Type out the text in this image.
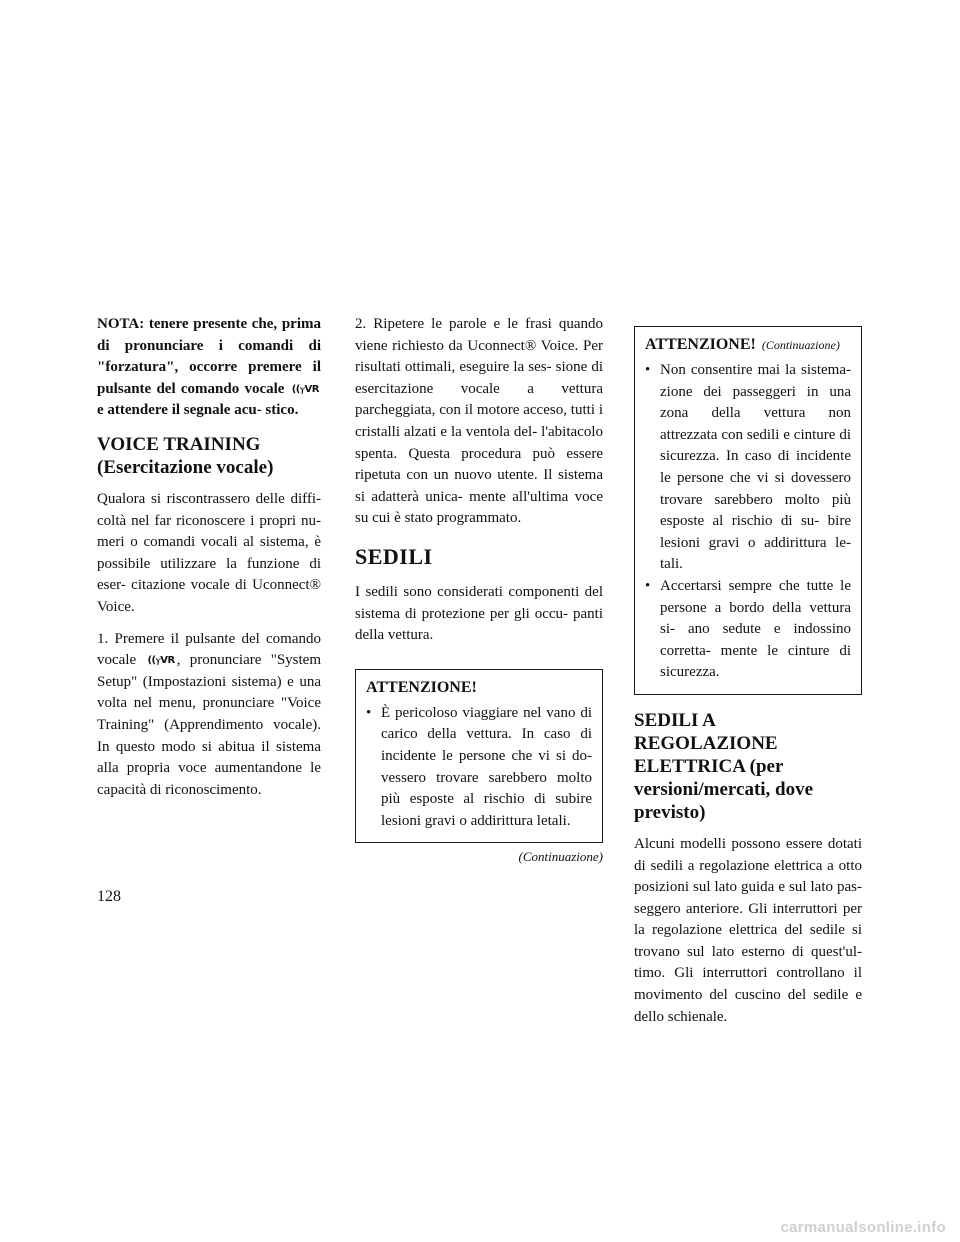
NOTA: tenere presente che, prima di pronunciare i comandi di "forzatura", occorre premere il pulsante del comando vocale ((ⲩVR e attendere il segnale acu- stico.

VOICE TRAINING
(Esercitazione vocale)

Qualora si riscontrassero delle diffi- coltà nel far riconoscere i propri nu- meri o comandi vocali al sistema, è possibile utilizzare la funzione di eser- citazione vocale di Uconnect® Voice.

1. Premere il pulsante del comando vocale ((ⲩVR , pronunciare "System Setup" (Impostazioni sistema) e una volta nel menu, pronunciare "Voice Training" (Apprendimento vocale). In questo modo si abitua il sistema alla propria voce aumentandone le capacità di riconoscimento.

2. Ripetere le parole e le frasi quando viene richiesto da Uconnect® Voice. Per risultati ottimali, eseguire la ses- sione di esercitazione vocale a vettura parcheggiata, con il motore acceso, tutti i cristalli alzati e la ventola del- l'abitacolo spenta. Questa procedura può essere ripetuta con un nuovo utente. Il sistema si adatterà unica- mente all'ultima voce su cui è stato programmato.

SEDILI

I sedili sono considerati componenti del sistema di protezione per gli occu- panti della vettura.

ATTENZIONE!
• È pericoloso viaggiare nel vano di carico della vettura. In caso di incidente le persone che vi si do- vessero trovare sarebbero molto più esposte al rischio di subire lesioni gravi o addirittura letali.
(Continuazione)
ATTENZIONE! (Continuazione)
• Non consentire mai la sistema- zione dei passeggeri in una zona della vettura non attrezzata con sedili e cinture di sicurezza. In caso di incidente le persone che vi si dovessero trovare sarebbero molto più esposte al rischio di su- bire lesioni gravi o addirittura le- tali.
• Accertarsi sempre che tutte le persone a bordo della vettura si- ano sedute e indossino corretta- mente le cinture di sicurezza.
SEDILI A REGOLAZIONE ELETTRICA (per versioni/mercati, dove previsto)

Alcuni modelli possono essere dotati di sedili a regolazione elettrica a otto posizioni sul lato guida e sul lato pas- seggero anteriore. Gli interruttori per la regolazione elettrica del sedile si trovano sul lato esterno di quest'ul- timo. Gli interruttori controllano il movimento del cuscino del sedile e dello schienale.

128
carmanualsonline.info
